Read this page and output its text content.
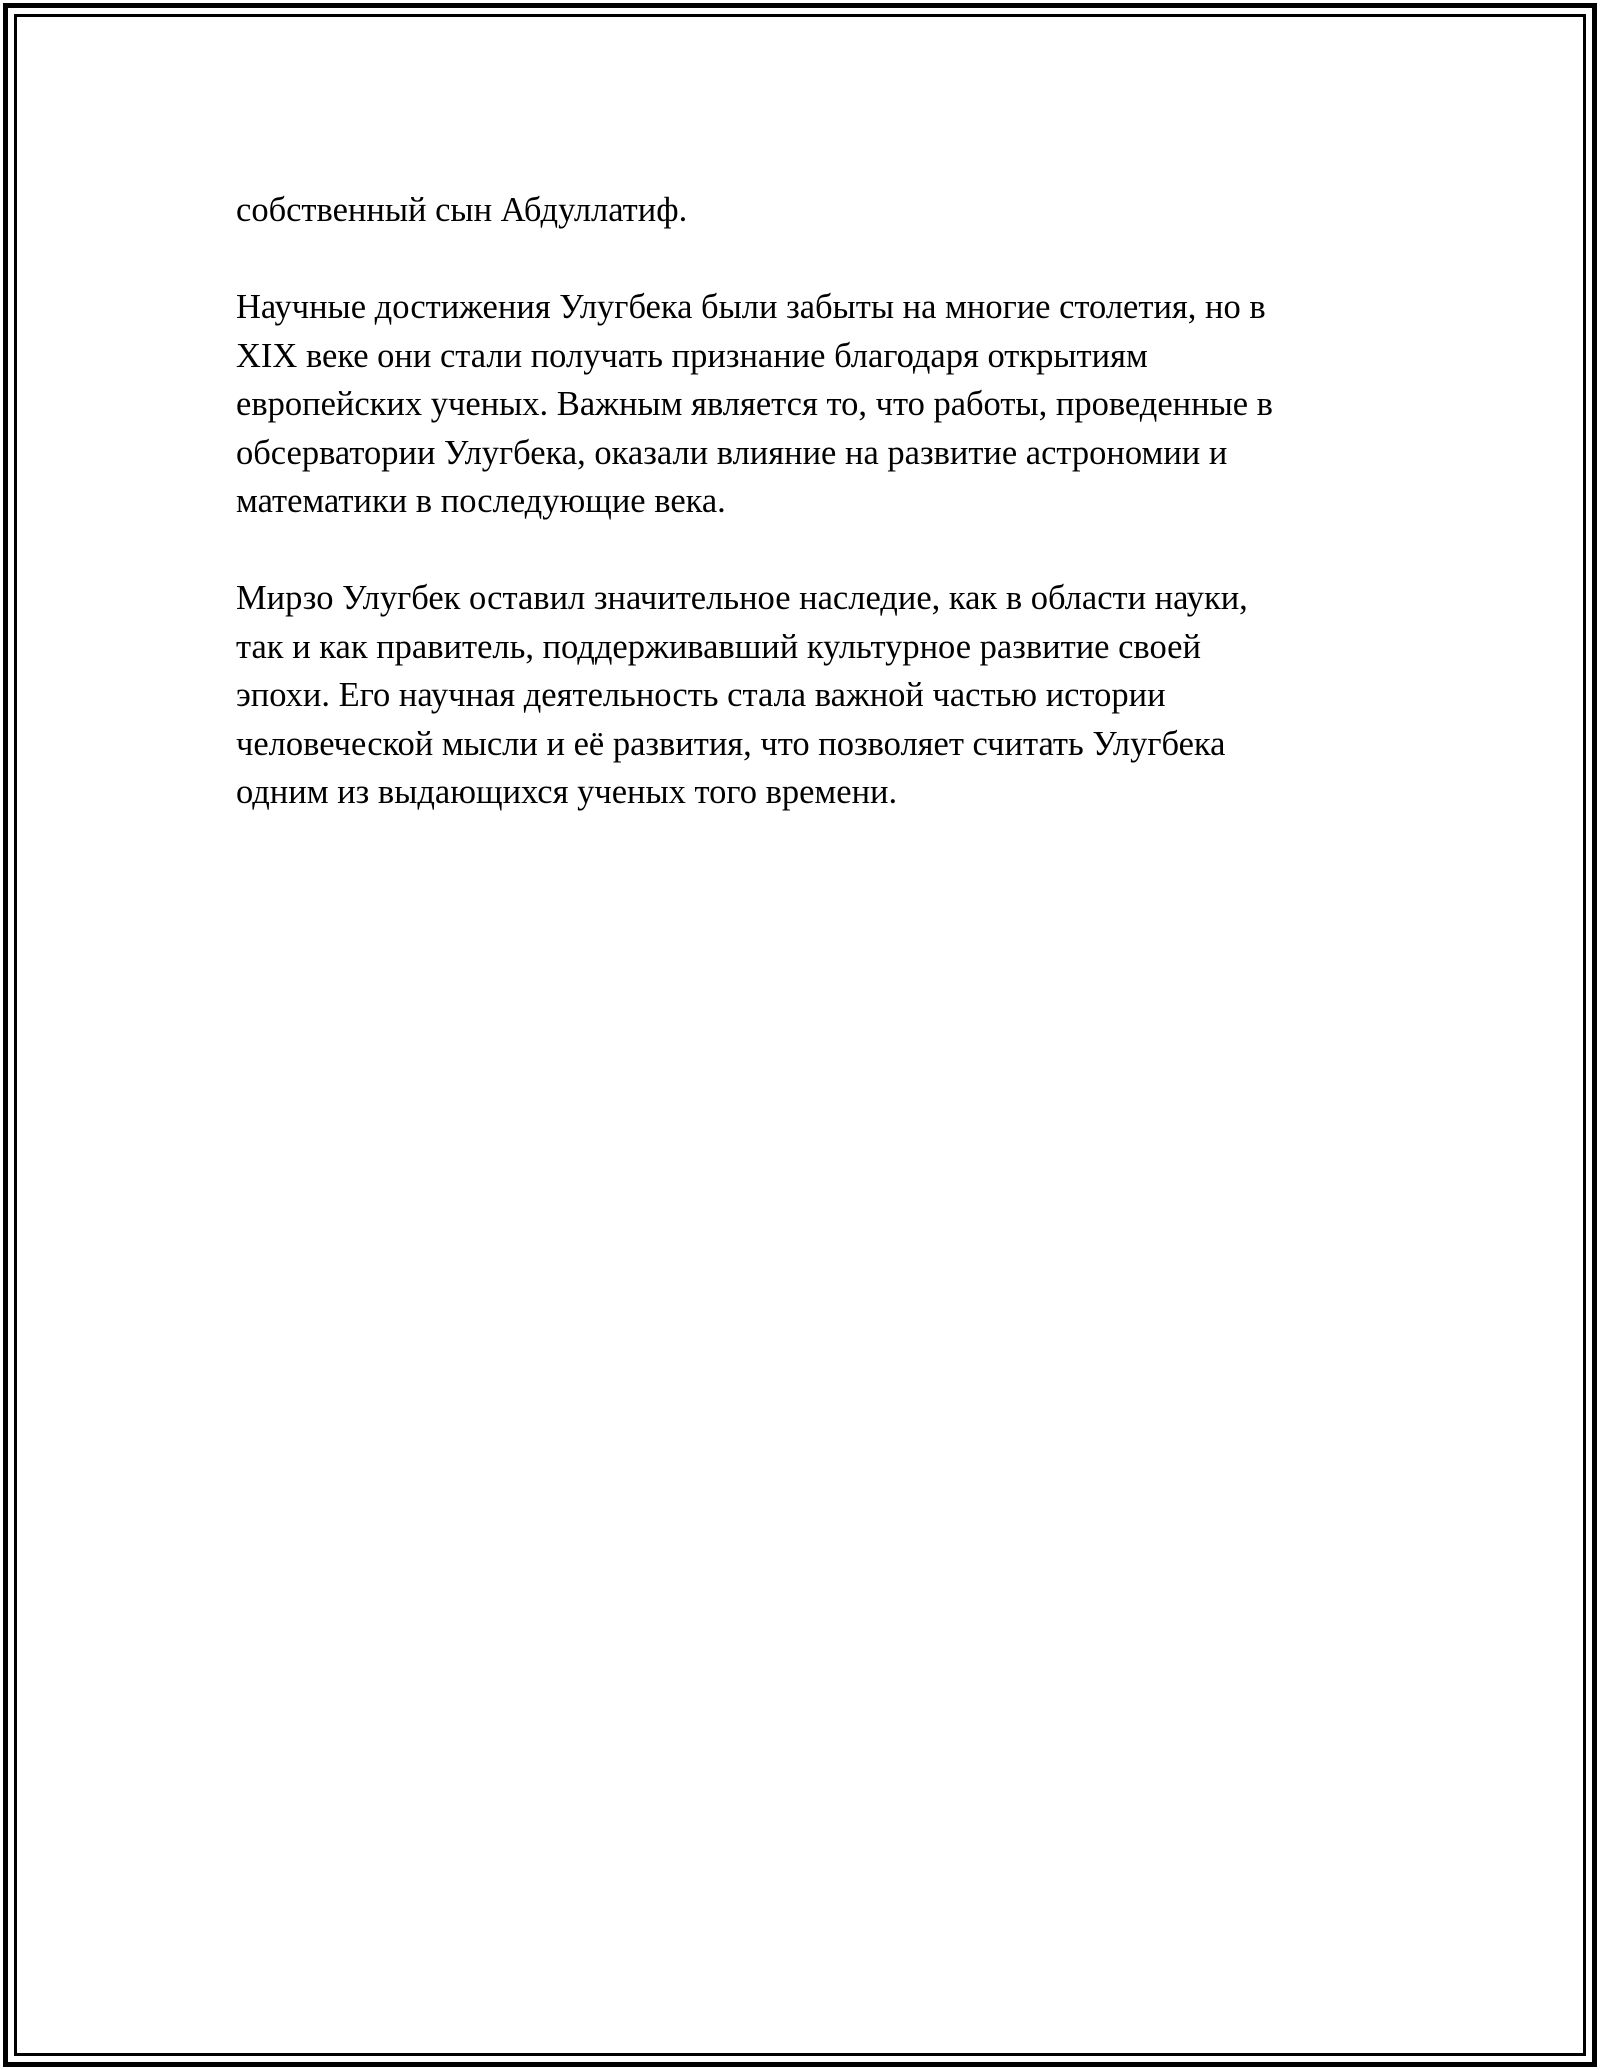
собственный сын Абдуллатиф.

Научные достижения Улугбека были забыты на многие столетия, но в
XIX веке они стали получать признание благодаря открытиям
европейских ученых. Важным является то, что работы, проведенные в
обсерватории Улугбека, оказали влияние на развитие астрономии и
математики в последующие века.

Мирзо Улугбек оставил значительное наследие, как в области науки,
так и как правитель, поддерживавший культурное развитие своей
эпохи. Его научная деятельность стала важной частью истории
человеческой мысли и её развития, что позволяет считать Улугбека
одним из выдающихся ученых того времени.
